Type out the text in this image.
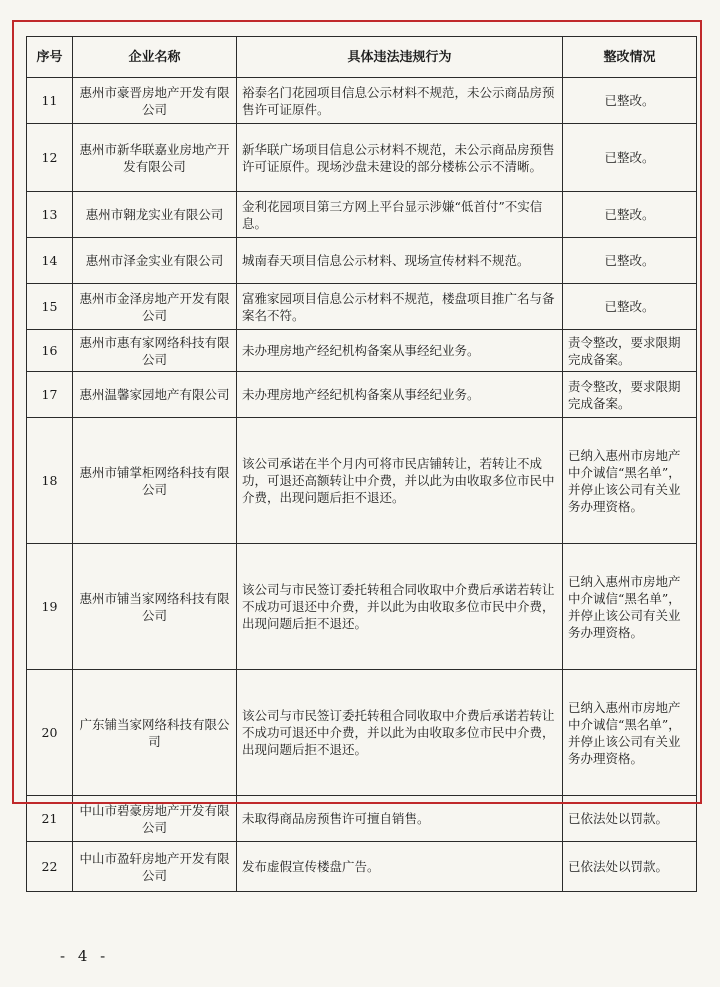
序号	企业名称	具体违法违规行为	整改情况
11	惠州市豪晋房地产开发有限公司	裕泰名门花园项目信息公示材料不规范，未公示商品房预售许可证原件。	已整改。
12	惠州市新华联嘉业房地产开发有限公司	新华联广场项目信息公示材料不规范，未公示商品房预售许可证原件。现场沙盘未建设的部分楼栋公示不清晰。	已整改。
13	惠州市翱龙实业有限公司	金利花园项目第三方网上平台显示涉嫌“低首付”不实信息。	已整改。
14	惠州市泽金实业有限公司	城南春天项目信息公示材料、现场宣传材料不规范。	已整改。
15	惠州市金泽房地产开发有限公司	富雅家园项目信息公示材料不规范，楼盘项目推广名与备案名不符。	已整改。
16	惠州市惠有家网络科技有限公司	未办理房地产经纪机构备案从事经纪业务。	责令整改，要求限期完成备案。
17	惠州温馨家园地产有限公司	未办理房地产经纪机构备案从事经纪业务。	责令整改，要求限期完成备案。
18	惠州市铺掌柜网络科技有限公司	该公司承诺在半个月内可将市民店铺转让，若转让不成功，可退还高额转让中介费，并以此为由收取多位市民中介费，出现问题后拒不退还。	已纳入惠州市房地产中介诚信“黑名单”，并停止该公司有关业务办理资格。
19	惠州市铺当家网络科技有限公司	该公司与市民签订委托转租合同收取中介费后承诺若转让不成功可退还中介费，并以此为由收取多位市民中介费，出现问题后拒不退还。	已纳入惠州市房地产中介诚信“黑名单”，并停止该公司有关业务办理资格。
20	广东铺当家网络科技有限公司	该公司与市民签订委托转租合同收取中介费后承诺若转让不成功可退还中介费，并以此为由收取多位市民中介费，出现问题后拒不退还。	已纳入惠州市房地产中介诚信“黑名单”，并停止该公司有关业务办理资格。
21	中山市碧豪房地产开发有限公司	未取得商品房预售许可擅自销售。	已依法处以罚款。
22	中山市盈轩房地产开发有限公司	发布虚假宣传楼盘广告。	已依法处以罚款。
- 4 -
